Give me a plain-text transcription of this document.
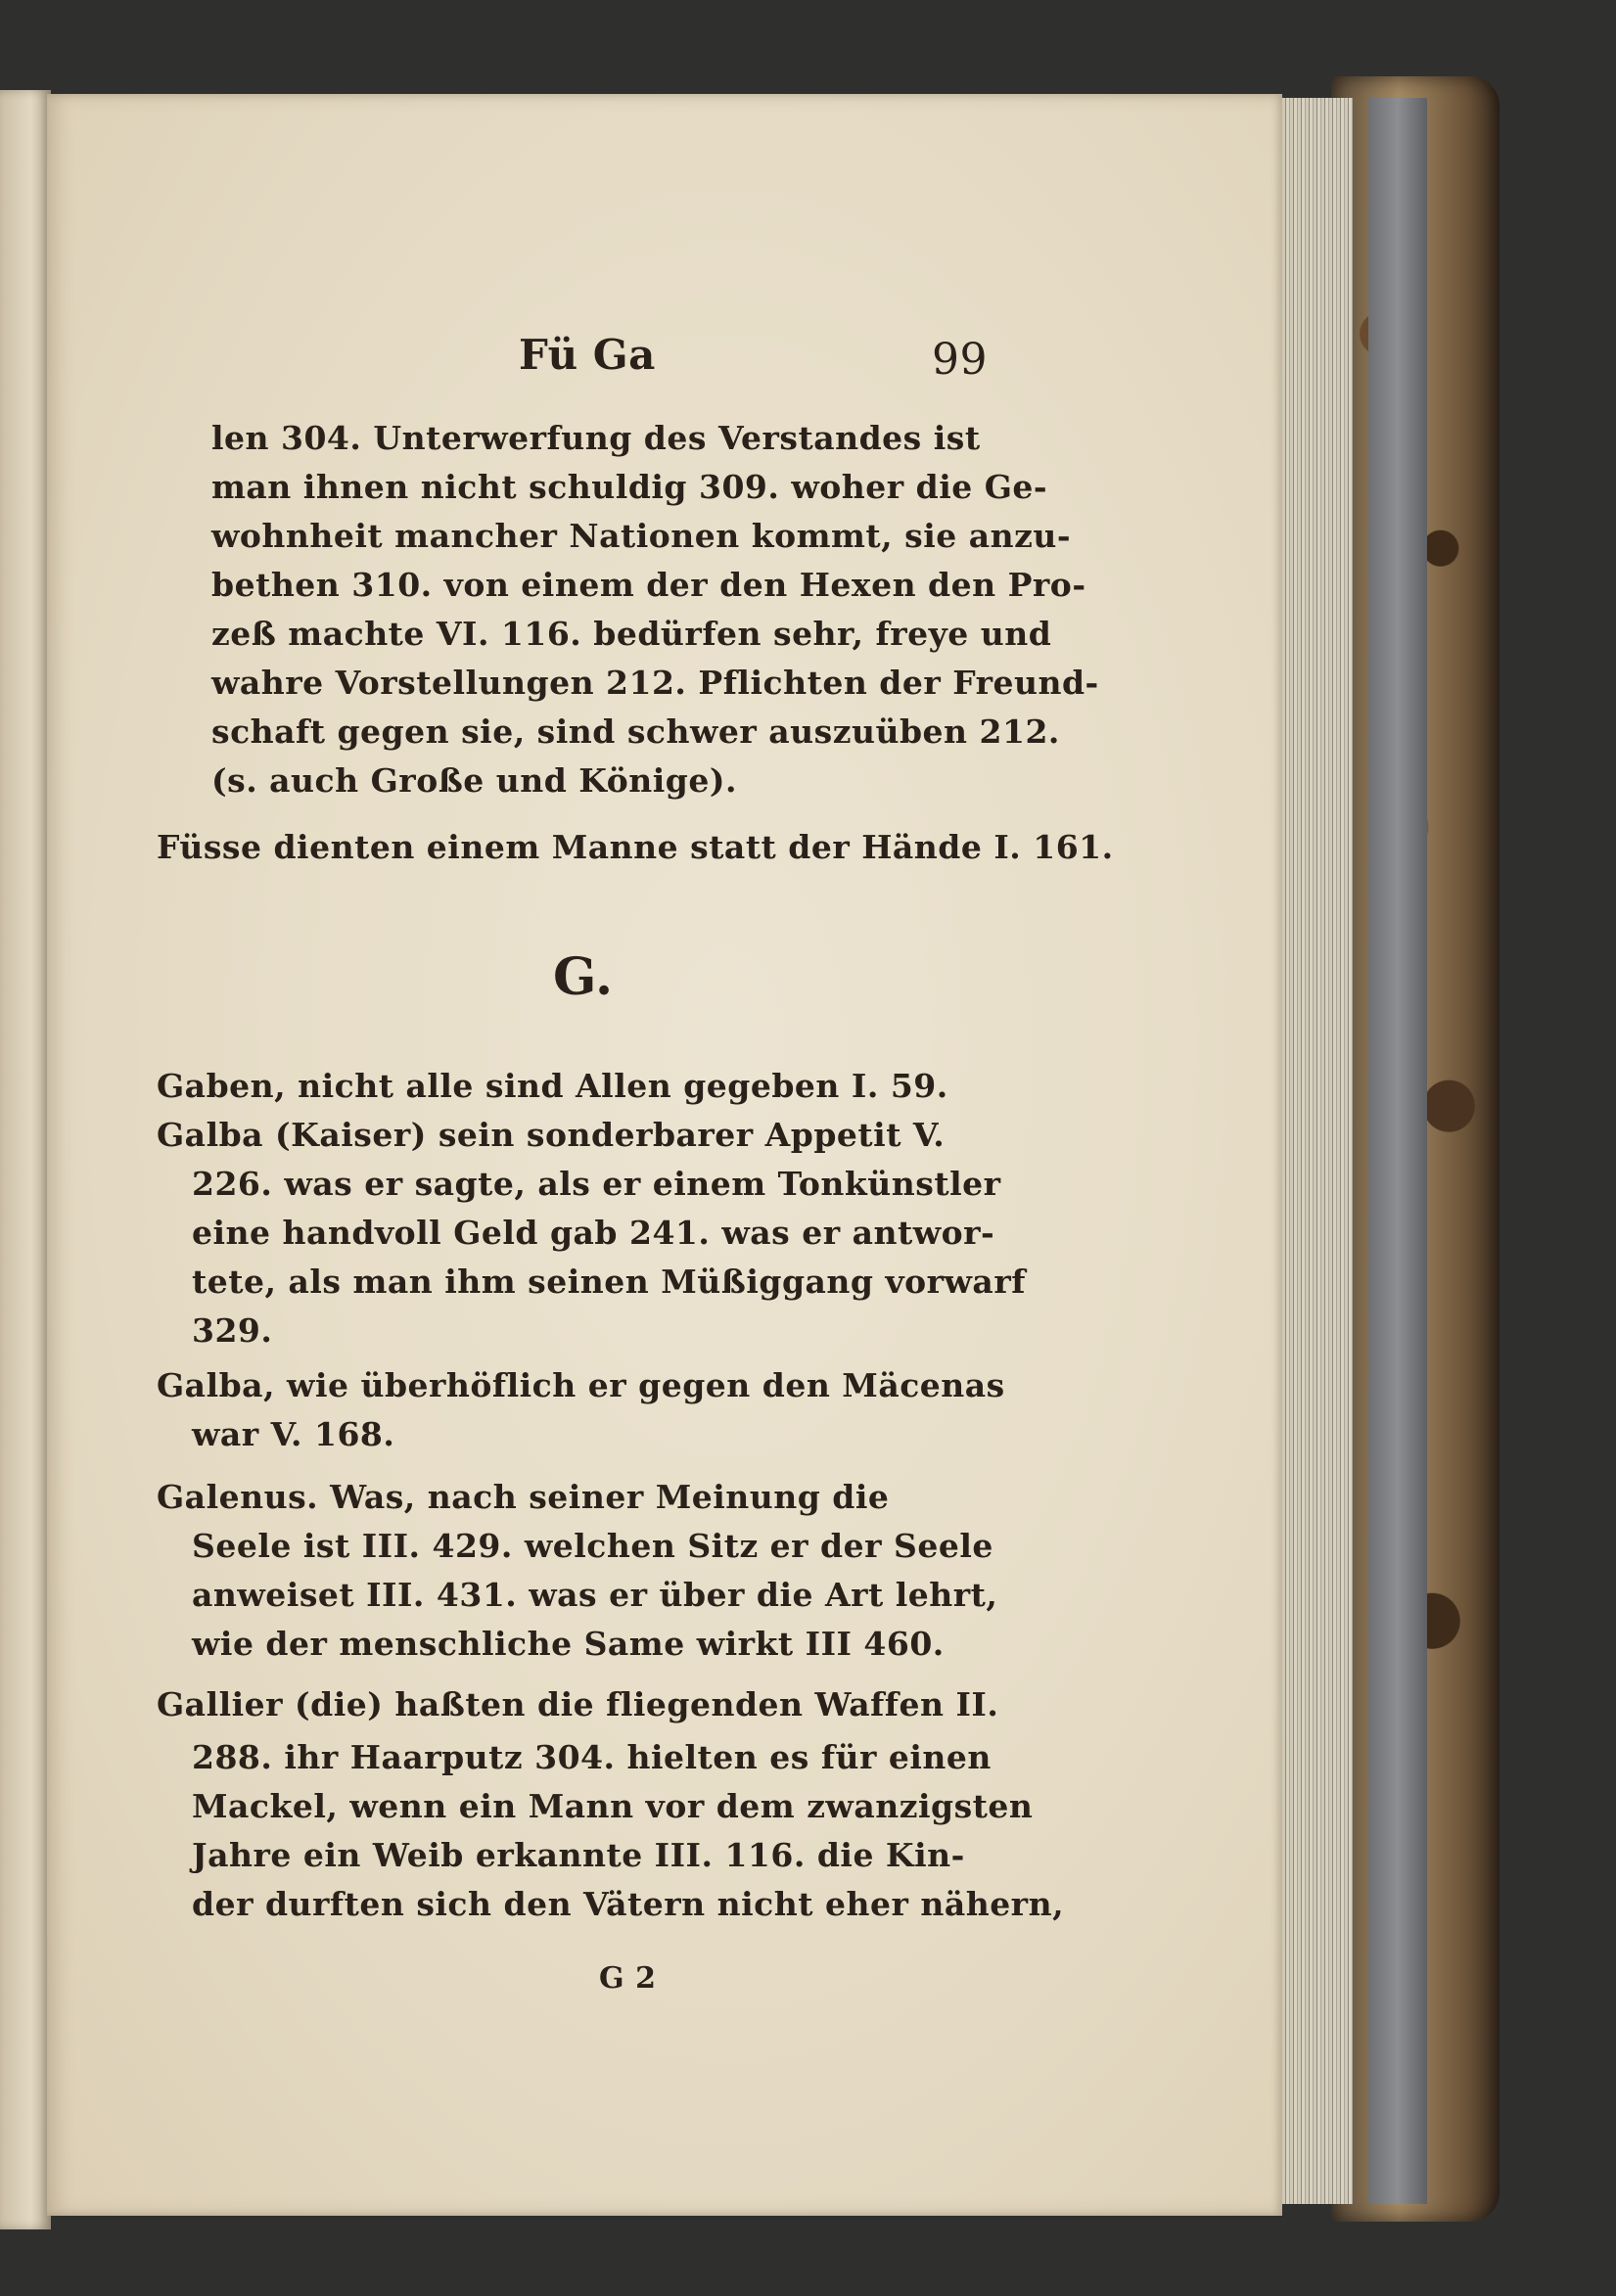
Fü Ga	99
len 304. Unterwerfung des Verstandes ist
man ihnen nicht schuldig 309. woher die Ge-
wohnheit mancher Nationen kommt, sie anzu-
bethen 310. von einem der den Hexen den Pro-
zeß machte VI. 116. bedürfen sehr, freye und
wahre Vorstellungen 212. Pflichten der Freund-
schaft gegen sie, sind schwer auszuüben 212.
(s. auch Große und Könige).
Füsse dienten einem Manne statt der Hände I. 161.
G.
Gaben, nicht alle sind Allen gegeben I. 59.
Galba (Kaiser) sein sonderbarer Appetit V.
226. was er sagte, als er einem Tonkünstler
eine handvoll Geld gab 241. was er antwor-
tete, als man ihm seinen Müßiggang vorwarf
329.
Galba, wie überhöflich er gegen den Mäcenas
war V. 168.
Galenus. Was, nach seiner Meinung die
Seele ist III. 429. welchen Sitz er der Seele
anweiset III. 431. was er über die Art lehrt,
wie der menschliche Same wirkt III 460.
Gallier (die) haßten die fliegenden Waffen II.
288. ihr Haarputz 304. hielten es für einen
Mackel, wenn ein Mann vor dem zwanzigsten
Jahre ein Weib erkannte III. 116. die Kin-
der durften sich den Vätern nicht eher nähern,
G 2
